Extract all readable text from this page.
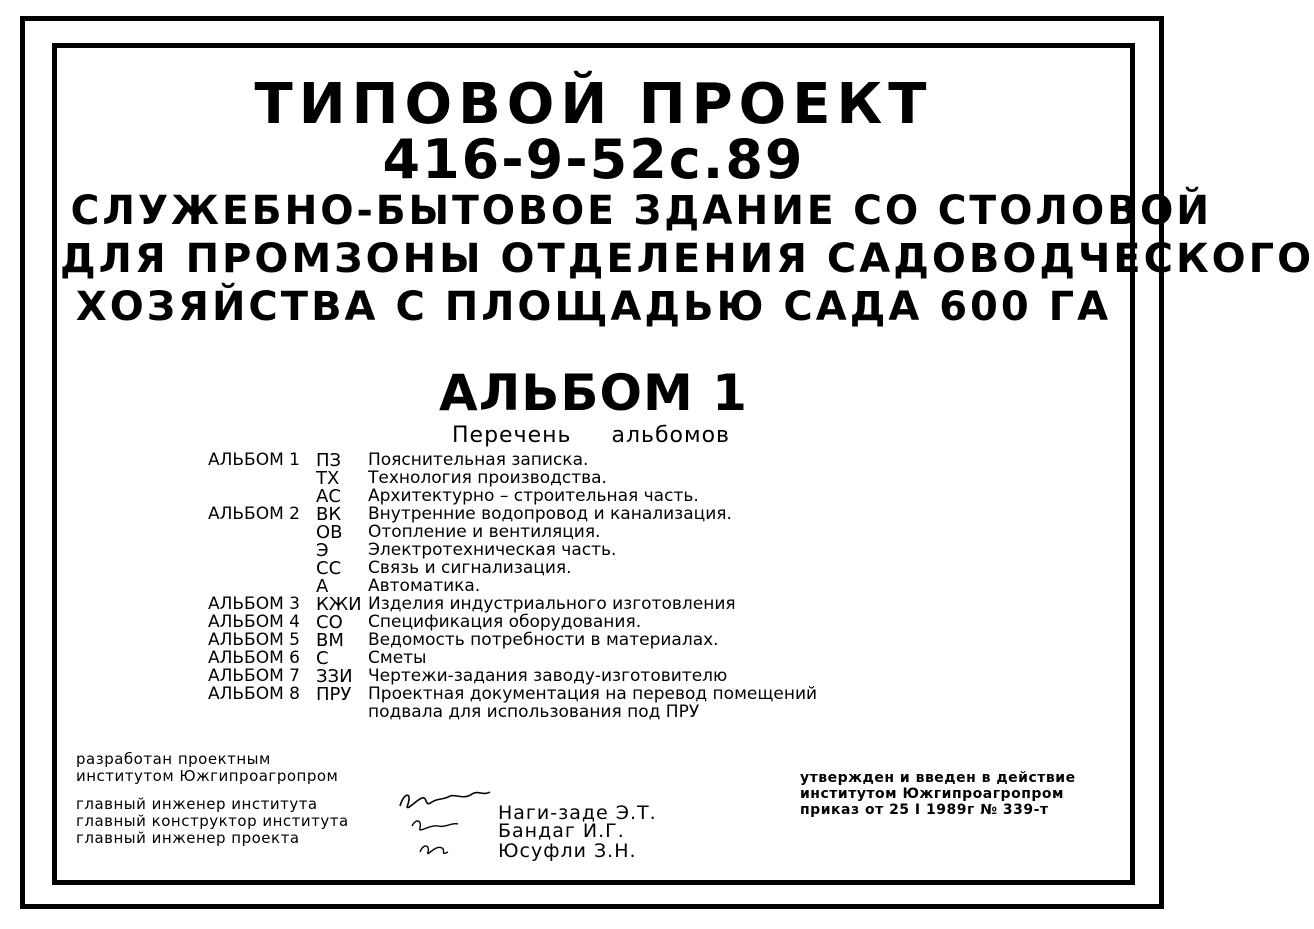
ТИПОВОЙ ПРОЕКТ
416-9-52с.89
СЛУЖЕБНО-БЫТОВОЕ ЗДАНИЕ СО СТОЛОВОЙ
ДЛЯ ПРОМЗОНЫ ОТДЕЛЕНИЯ САДОВОДЧЕСКОГО
ХОЗЯЙСТВА С ПЛОЩАДЬЮ САДА 600 ГА
АЛЬБОМ 1
Перечень альбомов
АЛЬБОМ 1 ПЗ	Пояснительная записка.
ТХ	Технология производства.
АС	Архитектурно – строительная часть.
АЛЬБОМ 2 ВК	Внутренние водопровод и канализация.
ОВ	Отопление и вентиляция.
Э	Электротехническая часть.
СС	Связь и сигнализация.
А	Автоматика.
АЛЬБОМ 3 КЖИ Изделия индустриального изготовления
АЛЬБОМ 4 СО	Спецификация оборудования.
АЛЬБОМ 5 ВМ	Ведомость потребности в материалах.
АЛЬБОМ 6 С	Сметы
АЛЬБОМ 7 ЗЗИ Чертежи-задания заводу-изготовителю
АЛЬБОМ 8 ПРУ Проектная документация на перевод помещений
подвала для использования под ПРУ
разработан проектным
институтом Южгипроагропром
главный инженер института
главный конструктор института
главный инженер проекта
Наги-заде Э.Т.
Бандаг И.Г.
Юсуфли З.Н.
утвержден и введен в действие
институтом Южгипроагропром
приказ от 25 I 1989г № 339-т
